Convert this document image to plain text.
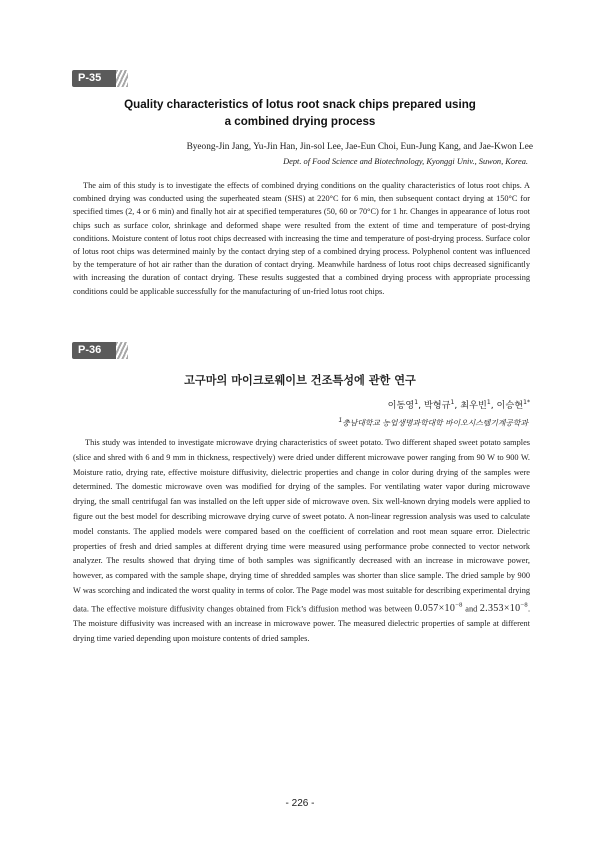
P-35
Quality characteristics of lotus root snack chips prepared using
a combined drying process
Byeong-Jin Jang, Yu-Jin Han, Jin-sol Lee, Jae-Eun Choi, Eun-Jung Kang, and Jae-Kwon Lee
Dept. of Food Science and Biotechnology, Kyonggi Univ., Suwon, Korea.

The aim of this study is to investigate the effects of combined drying conditions on the quality characteristics of lotus root chips. A combined drying was conducted using the superheated steam (SHS) at 220°C for 6 min, then subsequent contact drying at 150°C for specified times (2, 4 or 6 min) and finally hot air at specified temperatures (50, 60 or 70°C) for 1 hr. Changes in appearance of lotus root chips such as surface color, shrinkage and deformed shape were resulted from the extent of time and temperature of post-drying conditions. Moisture content of lotus root chips decreased with increasing the time and temperature of post-drying process. Surface color of lotus root chips was determined mainly by the contact drying step of a combined drying process. Polyphenol content was influenced by the temperature of hot air rather than the duration of contact drying. Meanwhile hardness of lotus root chips decreased significantly with increasing the duration of contact drying. These results suggested that a combined drying process with appropriate processing conditions could be applicable successfully for the manufacturing of un-fried lotus root chips.

P-36
고구마의 마이크로웨이브 건조특성에 관한 연구
이동영$^1$, 박형규$^1$, 최우빈$^1$, 이승현$^{1*}$
$^1$충남대학교 농업생명과학대학 바이오시스템기계공학과

This study was intended to investigate microwave drying characteristics of sweet potato. Two different shaped sweet potato samples (slice and shred with 6 and 9 mm in thickness, respectively) were dried under different microwave power ranging from 90 W to 900 W. Moisture ratio, drying rate, effective moisture diffusivity, dielectric properties and change in color during drying of the samples were determined. The domestic microwave oven was modified for drying of the samples. For ventilating water vapor during microwave drying, the small centrifugal fan was installed on the left upper side of microwave oven. Six well-known drying models were applied to figure out the best model for describing microwave drying curve of sweet potato. A non-linear regression analysis was used to calculate model constants. The applied models were compared based on the coefficient of correlation and root mean square error. Dielectric properties of fresh and dried samples at different drying time were measured using performance probe connected to vector network analyzer. The results showed that drying time of both samples was significantly decreased with an increase in microwave power, however, as compared with the sample shape, drying time of shredded samples was shorter than slice sample. The dried sample by 900 W was scorching and indicated the worst quality in terms of color. The Page model was most suitable for describing experimental drying data. The effective moisture diffusivity changes obtained from Fick’s diffusion method was between $0.057\times 10^{-8}$ and $2.353\times 10^{-8}$. The moisture diffusivity was increased with an increase in microwave power. The measured dielectric properties of sample at different drying time varied depending upon moisture contents of dried samples.

- 226 -
